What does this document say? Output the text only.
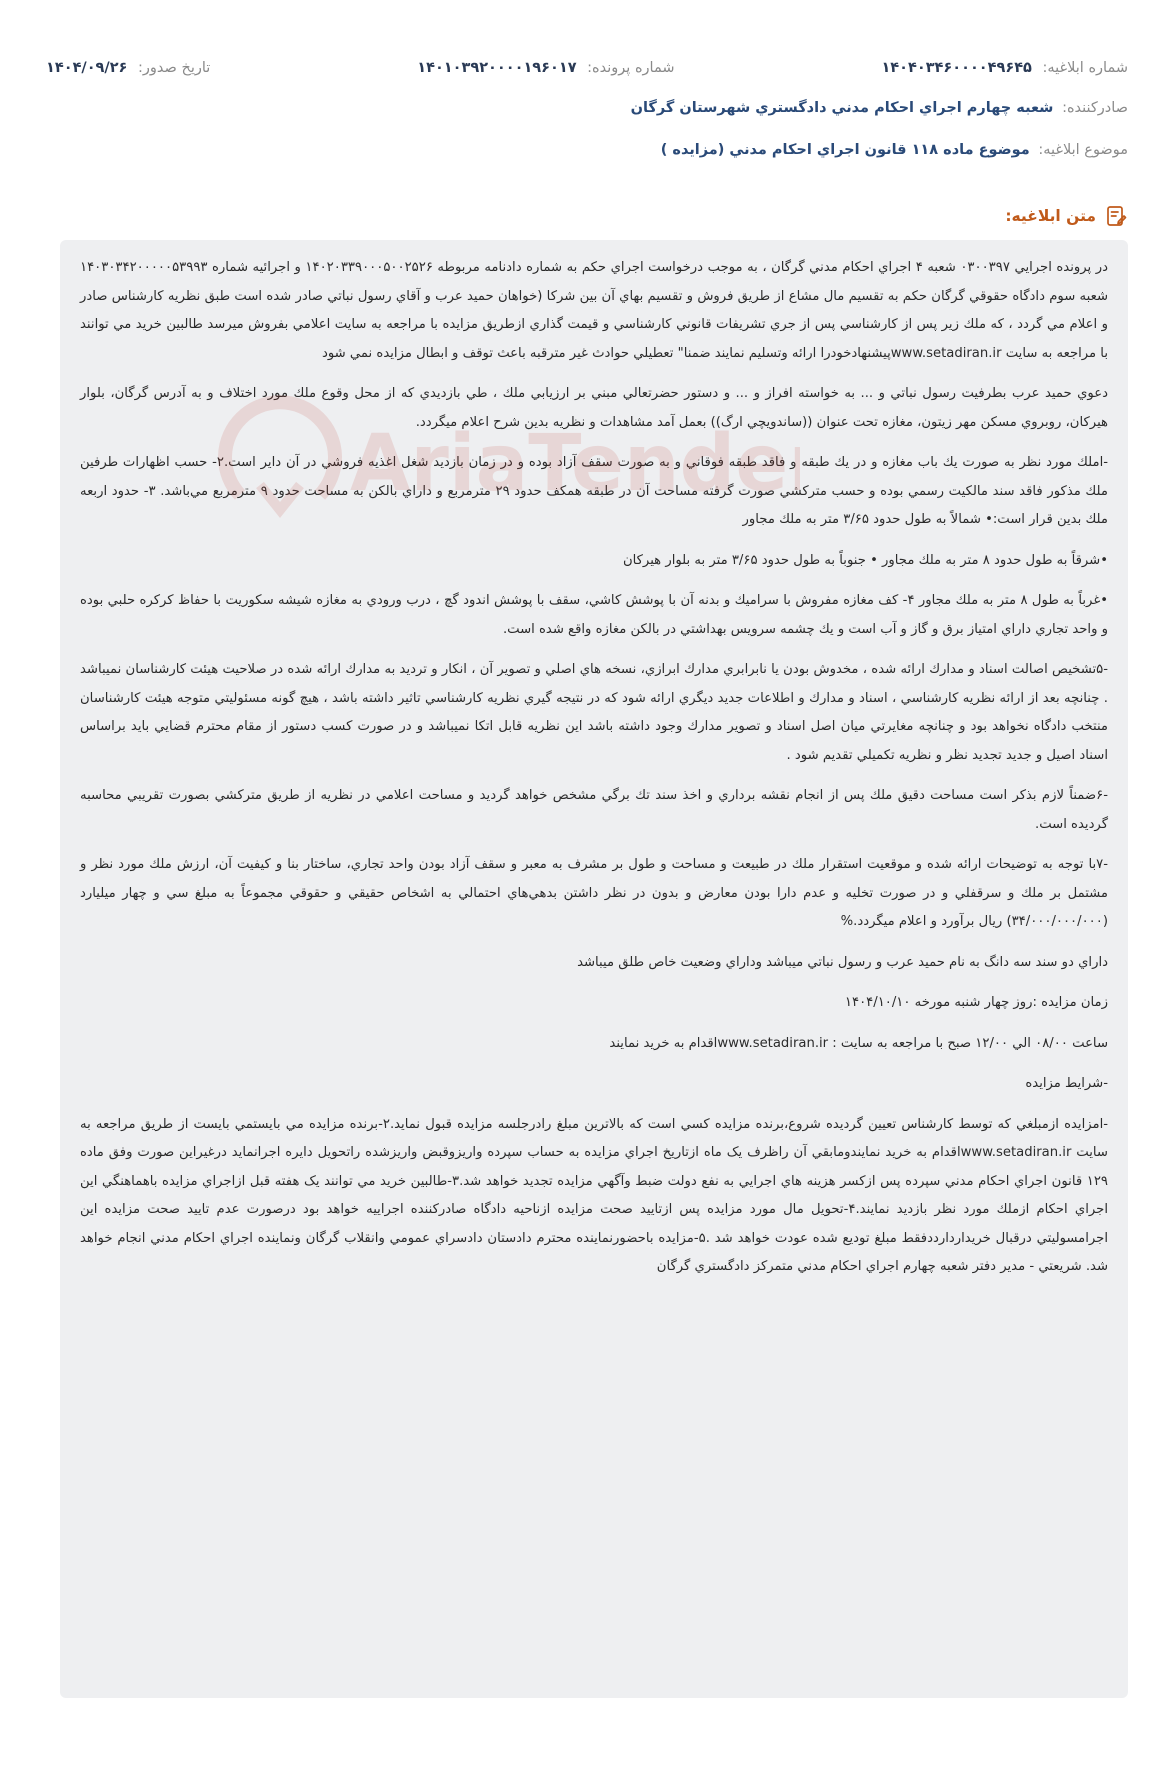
شماره ابلاغيه: ۱۴۰۴۰۳۴۶۰۰۰۰۴۹۶۴۵
شماره پرونده: ۱۴۰۱۰۳۹۲۰۰۰۰۱۹۶۰۱۷
تاريخ صدور: ۱۴۰۴/۰۹/۲۶
صادركننده: شعبه چهارم اجراي احكام مدني دادگستري شهرستان گرگان
موضوع ابلاغيه: موضوع ماده ۱۱۸ قانون اجراي احكام مدني (مزايده )
متن ابلاغيه:

در پرونده اجرايي ۰۳۰۰۳۹۷ شعبه ۴ اجراي احكام مدني گرگان ، به موجب درخواست اجراي حكم به شماره دادنامه مربوطه ۱۴۰۲۰۳۳۹۰۰۰۵۰۰۲۵۲۶ و اجرائيه شماره ۱۴۰۳۰۳۴۲۰۰۰۰۰۵۳۹۹۳ شعبه سوم دادگاه حقوقي گرگان حكم به تقسيم مال مشاع از طريق فروش و تقسيم بهاي آن بين شركا (خواهان حميد عرب و آقاي رسول نباتي صادر شده است طبق نظريه كارشناس صادر و اعلام مي گردد ، كه ملك زير پس از كارشناسي پس از جري تشريفات قانوني كارشناسي و قيمت گذاري ازطريق مزايده با مراجعه به سايت اعلامي بفروش ميرسد طالبين خريد مي توانند با مراجعه به سايت www.setadiran.irپيشنهادخودرا ارائه وتسليم نمايند ضمنا" تعطيلي حوادث غير مترقبه باعث توقف و ابطال مزايده نمي شود

دعوي حميد عرب بطرفيت رسول نباتي و ... به خواسته افراز و ... و دستور حضرتعالي مبني بر ارزيابي ملك ، طي بازديدي كه از محل وقوع ملك مورد اختلاف و به آدرس گرگان، بلوار هيركان، روبروي مسكن مهر زيتون، مغازه تحت عنوان ((ساندويچي ارگ)) بعمل آمد مشاهدات و نظريه بدين شرح اعلام ميگردد.

-املك مورد نظر به صورت يك باب مغازه و در يك طبقه و فاقد طبقه فوقاني و به صورت سقف آزاد بوده و در زمان بازديد شغل اغذيه فروشي در آن داير است.۲- حسب اظهارات طرفين ملك مذكور فاقد سند مالكيت رسمي بوده و حسب متركشي صورت گرفته مساحت آن در طبقه همكف حدود ۲۹ مترمربع و داراي بالكن به مساحت حدود ۹ مترمربع مي‌باشد. ۳- حدود اربعه ملك بدين قرار است:• شمالاً به طول حدود ۳/۶۵ متر به ملك مجاور

•شرقاً به طول حدود ۸ متر به ملك مجاور • جنوباً به طول حدود ۳/۶۵ متر به بلوار هيركان

•غرباً به طول ۸ متر به ملك مجاور ۴- كف مغازه مفروش با سراميك و بدنه آن با پوشش كاشي، سقف با پوشش اندود گچ ، درب ورودي به مغازه شيشه سكوريت با حفاظ كركره حلبي بوده و واحد تجاري داراي امتياز برق و گاز و آب است و يك چشمه سرويس بهداشتي در بالكن مغازه واقع شده است.

-۵تشخيص اصالت اسناد و مدارك ارائه شده ، مخدوش بودن يا نابرابري مدارك ابرازي، نسخه هاي اصلي و تصوير آن ، انكار و ترديد به مدارك ارائه شده در صلاحيت هيئت كارشناسان نميباشد . چنانچه بعد از ارائه نظريه كارشناسي ، اسناد و مدارك و اطلاعات جديد ديگري ارائه شود كه در نتيجه گيري نظريه كارشناسي تاثير داشته باشد ، هيچ گونه مسئوليتي متوجه هيئت كارشناسان منتخب دادگاه نخواهد بود و چنانچه مغايرتي ميان اصل اسناد و تصوير مدارك وجود داشته باشد اين نظريه قابل اتكا نميباشد و در صورت كسب دستور از مقام محترم قضايي بايد براساس اسناد اصيل و جديد تجديد نظر و نظريه تكميلي تقديم شود .

-۶ضمناً لازم بذكر است مساحت دقيق ملك پس از انجام نقشه برداري و اخذ سند تك برگي مشخص خواهد گرديد و مساحت اعلامي در نظريه از طريق متركشي بصورت تقريبي محاسبه گرديده است.

-۷با توجه به توضيحات ارائه شده و موقعيت استقرار ملك در طبيعت و مساحت و طول بر مشرف به معبر و سقف آزاد بودن واحد تجاري، ساختار بنا و كيفيت آن، ارزش ملك مورد نظر و مشتمل بر ملك و سرقفلي و در صورت تخليه و عدم دارا بودن معارض و بدون در نظر داشتن بدهي‌هاي احتمالي به اشخاص حقيقي و حقوقي مجموعاً به مبلغ سي و چهار ميليارد (۳۴/۰۰۰/۰۰۰/۰۰۰) ريال برآورد و اعلام ميگردد.%

داراي دو سند سه دانگ به نام حميد عرب و رسول نباتي ميباشد وداراي وضعيت خاص طلق ميباشد

زمان مزايده :روز چهار شنبه مورخه ۱۴۰۴/۱۰/۱۰

ساعت ۰۸/۰۰ الي ۱۲/۰۰ صبح با مراجعه به سايت : www.setadiran.irاقدام به خريد نمايند

-شرايط مزايده

-امزايده ازمبلغي كه توسط كارشناس تعيين گرديده شروع،برنده مزايده كسي است كه بالاترين مبلغ رادرجلسه مزايده قبول نمايد.۲-برنده مزايده مي بايستمي بايست از طريق مراجعه به سايت www.setadiran.irاقدام به خريد نمايندومابقي آن راظرف يک ماه ازتاريخ اجراي مزايده به حساب سپرده واريزوقبض واريزشده راتحويل دايره اجرانمايد درغيراين صورت وفق ماده ۱۲۹ قانون اجراي احكام مدني سپرده پس ازكسر هزينه هاي اجرايي به نفع دولت ضبط وآگهي مزايده تجديد خواهد شد.۳-طالبين خريد مي توانند يک هفته قبل ازاجراي مزايده باهماهنگي اين اجراي احكام ازملك مورد نظر بازديد نمايند.۴-تحويل مال مورد مزايده پس ازتاييد صحت مزايده ازناحيه دادگاه صادركننده اجراييه خواهد بود درصورت عدم تاييد صحت مزايده اين اجرامسوليتي درقبال خريداردارددفقط مبلغ توديع شده عودت خواهد شد .۵-مزايده باحضورنماينده محترم دادستان دادسراي عمومي وانقلاب گرگان ونماينده اجراي احكام مدني انجام خواهد شد. شريعتي - مدير دفتر شعبه چهارم اجراي احكام مدني متمركز دادگستري گرگان
